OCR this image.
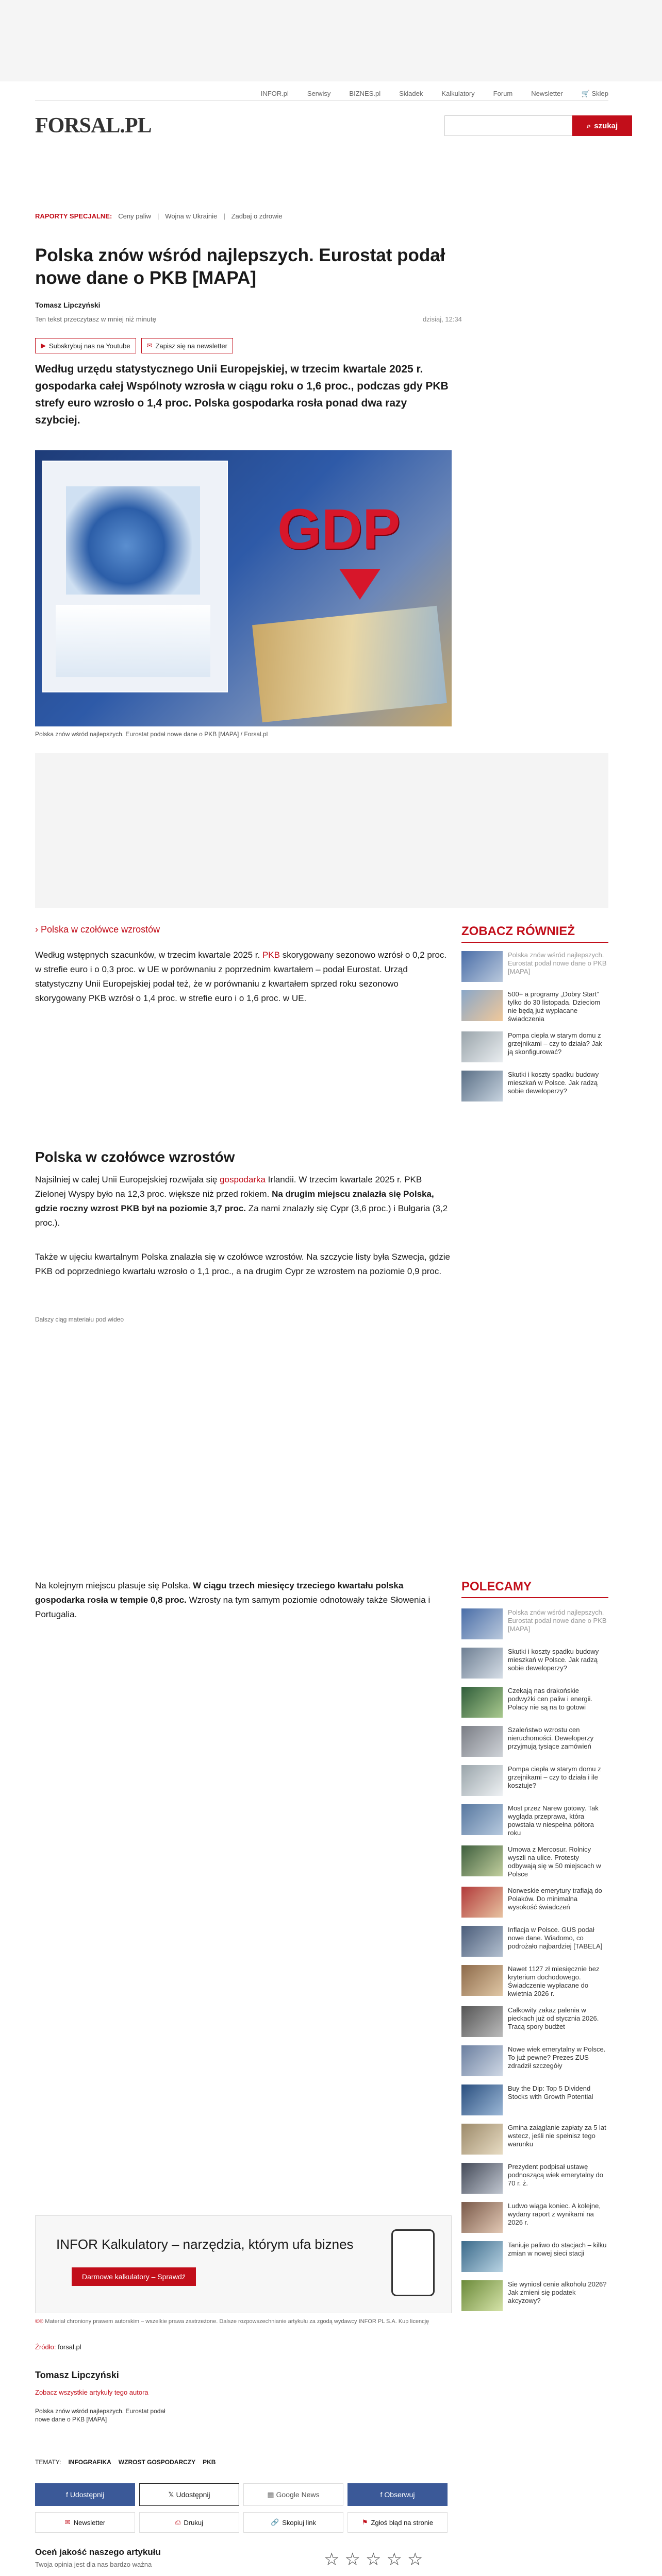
INFOR.pl	Serwisy	BIZNES.pl	Skladek	Kalkulatory	Forum	Newsletter	🛒 Sklep
FORSAL.PL	⌕ szukaj
RAPORTY SPECJALNE: Ceny paliw | Wojna w Ukrainie | Zadbaj o zdrowie
Polska znów wśród najlepszych. Eurostat podał nowe dane o PKB [MAPA]
Tomasz Lipczyński
Ten tekst przeczytasz w mniej niż minutę	dzisiaj, 12:34
▶ Subskrybuj nas na Youtube ✉ Zapisz się na newsletter

Według urzędu statystycznego Unii Europejskiej, w trzecim kwartale 2025 r. gospodarka całej Wspólnoty wzrosła w ciągu roku o 1,6 proc., podczas gdy PKB strefy euro wzrosło o 1,4 proc. Polska gospodarka rosła ponad dwa razy szybciej.

GDP
Polska znów wśród najlepszych. Eurostat podał nowe dane o PKB [MAPA] / Forsal.pl
› Polska w czołówce wzrostów

Według wstępnych szacunków, w trzecim kwartale 2025 r. PKB skorygowany sezonowo wzrósł o 0,2 proc. w strefie euro i o 0,3 proc. w UE w porównaniu z poprzednim kwartałem – podał Eurostat. Urząd statystyczny Unii Europejskiej podał też, że w porównaniu z kwartałem sprzed roku sezonowo skorygowany PKB wzrósł o 1,4 proc. w strefie euro i o 1,6 proc. w UE.

Polska w czołówce wzrostów

Najsilniej w całej Unii Europejskiej rozwijała się gospodarka Irlandii. W trzecim kwartale 2025 r. PKB Zielonej Wyspy było na 12,3 proc. większe niż przed rokiem. Na drugim miejscu znalazła się Polska, gdzie roczny wzrost PKB był na poziomie 3,7 proc. Za nami znalazły się Cypr (3,6 proc.) i Bułgaria (3,2 proc.).

Także w ujęciu kwartalnym Polska znalazła się w czołówce wzrostów. Na szczycie listy była Szwecja, gdzie PKB od poprzedniego kwartału wzrosło o 1,1 proc., a na drugim Cypr ze wzrostem na poziomie 0,9 proc.

Dalszy ciąg materiału pod wideo

Na kolejnym miejscu plasuje się Polska. W ciągu trzech miesięcy trzeciego kwartału polska gospodarka rosła w tempie 0,8 proc. Wzrosty na tym samym poziomie odnotowały także Słowenia i Portugalia.

ZOBACZ RÓWNIEŻ
Polska znów wśród najlepszych. Eurostat podał nowe dane o PKB [MAPA]
500+ a programy „Dobry Start” tylko do 30 listopada. Dzieciom nie będą już wypłacane świadczenia
Pompa ciepła w starym domu z grzejnikami – czy to działa? Jak ją skonfigurować?
Skutki i koszty spadku budowy mieszkań w Polsce. Jak radzą sobie deweloperzy?
POLECAMY
Polska znów wśród najlepszych. Eurostat podał nowe dane o PKB [MAPA]
Skutki i koszty spadku budowy mieszkań w Polsce. Jak radzą sobie deweloperzy?
Czekają nas drakońskie podwyżki cen paliw i energii. Polacy nie są na to gotowi
Szaleństwo wzrostu cen nieruchomości. Deweloperzy przyjmują tysiące zamówień
Pompa ciepła w starym domu z grzejnikami – czy to działa i ile kosztuje?
Most przez Narew gotowy. Tak wygląda przeprawa, która powstała w niespełna półtora roku
Umowa z Mercosur. Rolnicy wyszli na ulice. Protesty odbywają się w 50 miejscach w Polsce
Norweskie emerytury trafiają do Polaków. Do minimalna wysokość świadczeń
Inflacja w Polsce. GUS podał nowe dane. Wiadomo, co podrożało najbardziej [TABELA]
Nawet 1127 zł miesięcznie bez kryterium dochodowego. Świadczenie wypłacane do kwietnia 2026 r.
Całkowity zakaz palenia w pieckach już od stycznia 2026. Tracą spory budżet
Nowe wiek emerytalny w Polsce. To już pewne? Prezes ZUS zdradził szczegóły
Buy the Dip: Top 5 Dividend Stocks with Growth Potential
Gmina zaiąglanie zapłaty za 5 lat wstecz, jeśli nie spełnisz tego warunku
Prezydent podpisał ustawę podnoszącą wiek emerytalny do 70 r. ż.
Ludwo wiąga koniec. A kolejne, wydany raport z wynikami na 2026 r.
Taniuje paliwo do stacjach – kilku zmian w nowej sieci stacji
Sie wyniosł cenie alkoholu 2026? Jak zmieni się podatek akcyzowy?
INFOR Kalkulatory – narzędzia, którym ufa biznes
Darmowe kalkulatory – Sprawdź
©℗ Materiał chroniony prawem autorskim – wszelkie prawa zastrzeżone. Dalsze rozpowszechnianie artykułu za zgodą wydawcy INFOR PL S.A. Kup licencję
Źródło: forsal.pl
Tomasz Lipczyński
Zobacz wszystkie artykuły tego autora
Polska znów wśród najlepszych. Eurostat podał nowe dane o PKB [MAPA]
TEMATY: INFOGRAFIKA WZROST GOSPODARCZY PKB
f
Udostępnij	𝕏
Udostępnij	▦
Google News	f
Obserwuj
✉ Newsletter	⎙ Drukuj	🔗 Skopiuj link	⚑ Zgłoś błąd na stronie
Oceń jakość naszego artykułu
Twoja opinia jest dla nas bardzo ważna	☆ ☆ ☆ ☆ ☆
